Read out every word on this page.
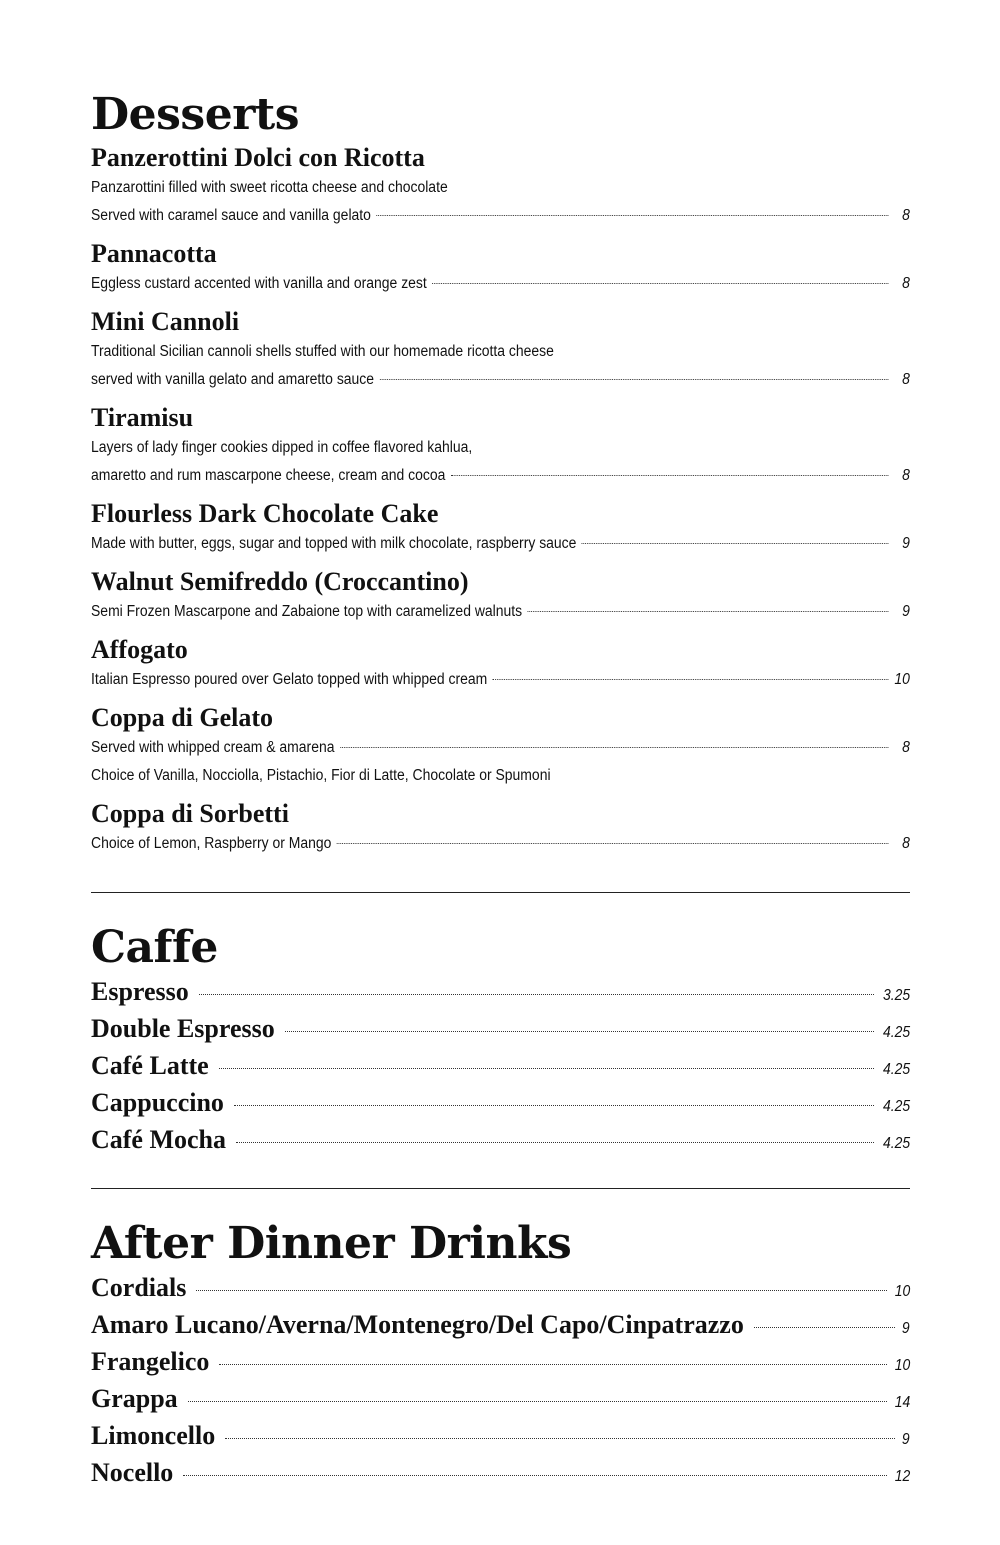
Desserts
Panzerottini Dolci con Ricotta
Panzarottini filled with sweet ricotta cheese and chocolate
Served with caramel sauce and vanilla gelato	8
Pannacotta
Eggless custard accented with vanilla and orange zest	8
Mini Cannoli
Traditional Sicilian cannoli shells stuffed with our homemade ricotta cheese
served with vanilla gelato and amaretto sauce	8
Tiramisu
Layers of lady finger cookies dipped in coffee flavored kahlua,
amaretto and rum mascarpone cheese, cream and cocoa	8
Flourless Dark Chocolate Cake
Made with butter, eggs, sugar and topped with milk chocolate, raspberry sauce	9
Walnut Semifreddo (Croccantino)
Semi Frozen Mascarpone and Zabaione top with caramelized walnuts	9
Affogato
Italian Espresso poured over Gelato topped with whipped cream	10
Coppa di Gelato
Served with whipped cream & amarena	8
Choice of Vanilla, Nocciolla, Pistachio, Fior di Latte, Chocolate or Spumoni
Coppa di Sorbetti
Choice of Lemon, Raspberry or Mango	8
Caffe
Espresso	3.25
Double Espresso	4.25
Café Latte	4.25
Cappuccino	4.25
Café Mocha	4.25
After Dinner Drinks
Cordials	10
Amaro Lucano/Averna/Montenegro/Del Capo/Cinpatrazzo	9
Frangelico	10
Grappa	14
Limoncello	9
Nocello	12
